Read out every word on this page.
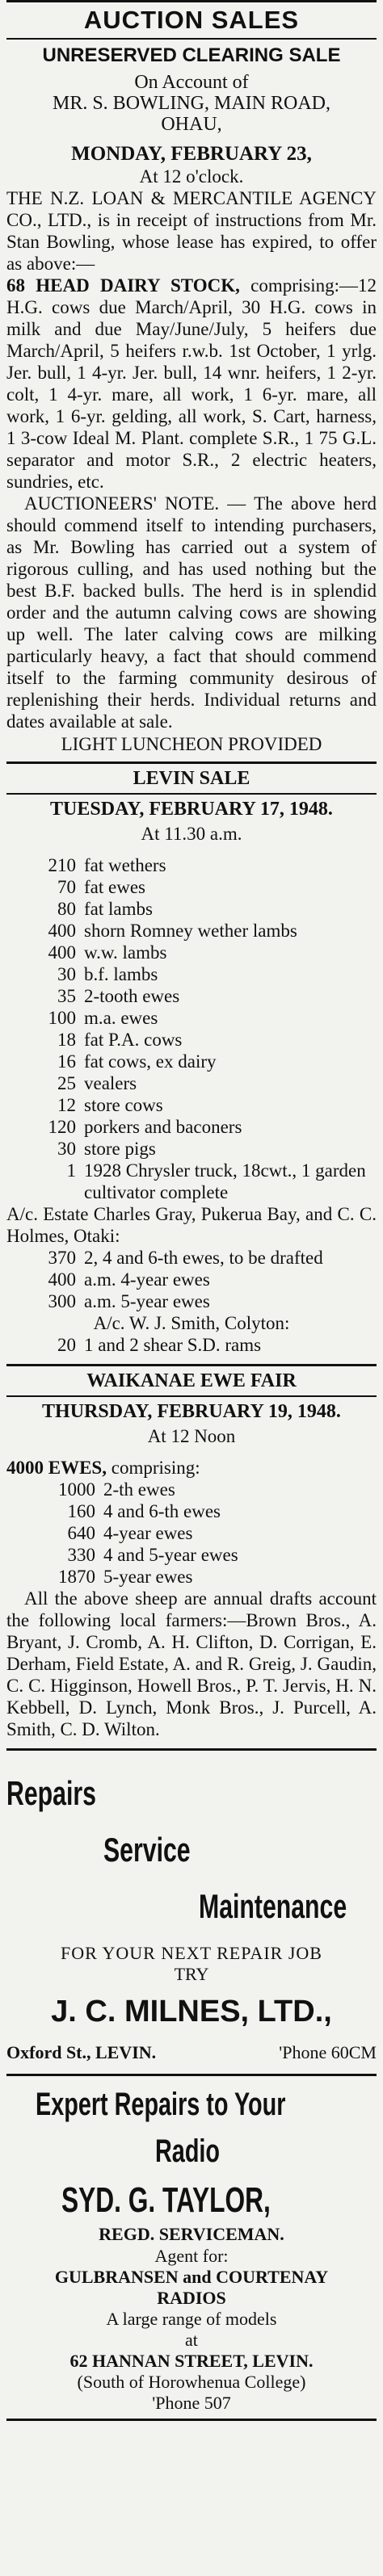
AUCTION SALES
UNRESERVED CLEARING SALE
On Account of
MR. S. BOWLING, MAIN ROAD,
OHAU,
MONDAY, FEBRUARY 23,
At 12 o'clock.
THE N.Z. LOAN & MERCANTILE AGENCY CO., LTD., is in receipt of instructions from Mr. Stan Bowling, whose lease has expired, to offer as above:—
68 HEAD DAIRY STOCK, comprising:—12 H.G. cows due March/April, 30 H.G. cows in milk and due May/June/July, 5 heifers due March/April, 5 heifers r.w.b. 1st October, 1 yrlg. Jer. bull, 1 4-yr. Jer. bull, 14 wnr. heifers, 1 2-yr. colt, 1 4-yr. mare, all work, 1 6-yr. mare, all work, 1 6-yr. gelding, all work, S. Cart, harness, 1 3-cow Ideal M. Plant. complete S.R., 1 75 G.L. separator and motor S.R., 2 electric heaters, sundries, etc.
AUCTIONEERS' NOTE. — The above herd should commend itself to intending purchasers, as Mr. Bowling has carried out a system of rigorous culling, and has used nothing but the best B.F. backed bulls. The herd is in splendid order and the autumn calving cows are showing up well. The later calving cows are milking particularly heavy, a fact that should commend itself to the farming community desirous of replenishing their herds. Individual returns and dates available at sale.
LIGHT LUNCHEON PROVIDED
LEVIN SALE
TUESDAY, FEBRUARY 17, 1948.
At 11.30 a.m.
210 fat wethers
70 fat ewes
80 fat lambs
400 shorn Romney wether lambs
400 w.w. lambs
30 b.f. lambs
35 2-tooth ewes
100 m.a. ewes
18 fat P.A. cows
16 fat cows, ex dairy
25 vealers
12 store cows
120 porkers and baconers
30 store pigs
1 1928 Chrysler truck, 18cwt., 1 garden cultivator complete
A/c. Estate Charles Gray, Pukerua Bay, and C. C. Holmes, Otaki:
370 2, 4 and 6-th ewes, to be drafted
400 a.m. 4-year ewes
300 a.m. 5-year ewes
A/c. W. J. Smith, Colyton:
20 1 and 2 shear S.D. rams
WAIKANAE EWE FAIR
THURSDAY, FEBRUARY 19, 1948.
At 12 Noon
4000 EWES, comprising:
1000 2-th ewes
160 4 and 6-th ewes
640 4-year ewes
330 4 and 5-year ewes
1870 5-year ewes
All the above sheep are annual drafts account the following local farmers:—Brown Bros., A. Bryant, J. Cromb, A. H. Clifton, D. Corrigan, E. Derham, Field Estate, A. and R. Greig, J. Gaudin, C. C. Higginson, Howell Bros., P. T. Jervis, H. N. Kebbell, D. Lynch, Monk Bros., J. Purcell, A. Smith, C. D. Wilton.
Repairs
Service
Maintenance
FOR YOUR NEXT REPAIR JOB
TRY
J. C. MILNES, LTD.,
Oxford St., LEVIN.	'Phone 60CM
Expert Repairs to Your
Radio
SYD. G. TAYLOR,
REGD. SERVICEMAN.
Agent for:
GULBRANSEN and COURTENAY
RADIOS
A large range of models
at
62 HANNAN STREET, LEVIN.
(South of Horowhenua College)
'Phone 507
